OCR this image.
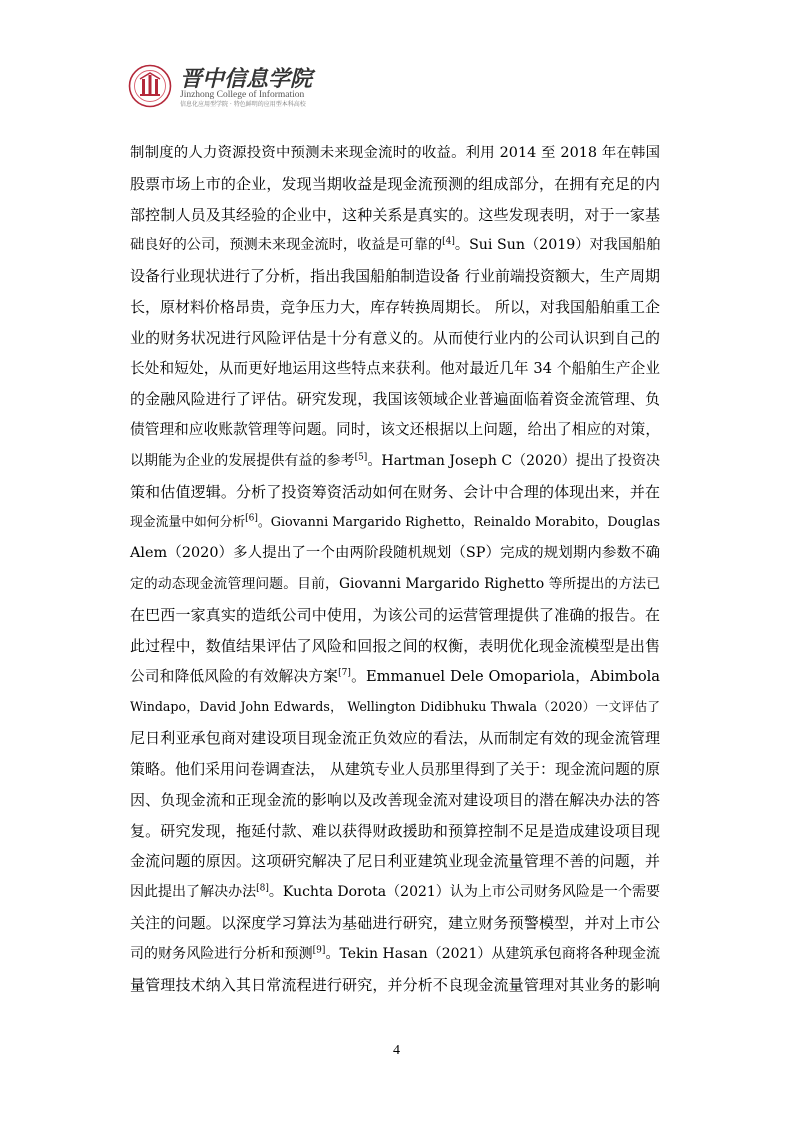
晋中信息学院
Jinzhong College of Information
信息化应用型学院 · 特色鲜明的应用型本科高校
制制度的人力资源投资中预测未来现金流时的收益。利用 2014 至 2018 年在韩国
股票市场上市的企业，发现当期收益是现金流预测的组成部分，在拥有充足的内
部控制人员及其经验的企业中，这种关系是真实的。这些发现表明，对于一家基
础良好的公司，预测未来现金流时，收益是可靠的[4]。Sui Sun（2019）对我国船舶
设备行业现状进行了分析，指出我国船舶制造设备 行业前端投资额大，生产周期
长，原材料价格昂贵，竞争压力大，库存转换周期长。 所以，对我国船舶重工企
业的财务状况进行风险评估是十分有意义的。从而使行业内的公司认识到自己的
长处和短处，从而更好地运用这些特点来获利。他对最近几年 34 个船舶生产企业
的金融风险进行了评估。研究发现，我国该领域企业普遍面临着资金流管理、负
债管理和应收账款管理等问题。同时，该文还根据以上问题，给出了相应的对策，
以期能为企业的发展提供有益的参考[5]。Hartman Joseph C（2020）提出了投资决
策和估值逻辑。分析了投资筹资活动如何在财务、会计中合理的体现出来，并在
现金流量中如何分析[6]。Giovanni Margarido Righetto，Reinaldo Morabito，Douglas
Alem（2020）多人提出了一个由两阶段随机规划（SP）完成的规划期内参数不确
定的动态现金流管理问题。目前，Giovanni Margarido Righetto 等所提出的方法已
在巴西一家真实的造纸公司中使用，为该公司的运营管理提供了准确的报告。在
此过程中，数值结果评估了风险和回报之间的权衡，表明优化现金流模型是出售
公司和降低风险的有效解决方案[7]。Emmanuel Dele Omopariola，Abimbola
Windapo，David John Edwards， Wellington Didibhuku Thwala（2020）一文评估了
尼日利亚承包商对建设项目现金流正负效应的看法，从而制定有效的现金流管理
策略。他们采用问卷调查法， 从建筑专业人员那里得到了关于：现金流问题的原
因、负现金流和正现金流的影响以及改善现金流对建设项目的潜在解决办法的答
复。研究发现，拖延付款、难以获得财政援助和预算控制不足是造成建设项目现
金流问题的原因。这项研究解决了尼日利亚建筑业现金流量管理不善的问题，并
因此提出了解决办法[8]。Kuchta Dorota（2021）认为上市公司财务风险是一个需要
关注的问题。以深度学习算法为基础进行研究，建立财务预警模型，并对上市公
司的财务风险进行分析和预测[9]。Tekin Hasan（2021）从建筑承包商将各种现金流
量管理技术纳入其日常流程进行研究，并分析不良现金流量管理对其业务的影响
4
